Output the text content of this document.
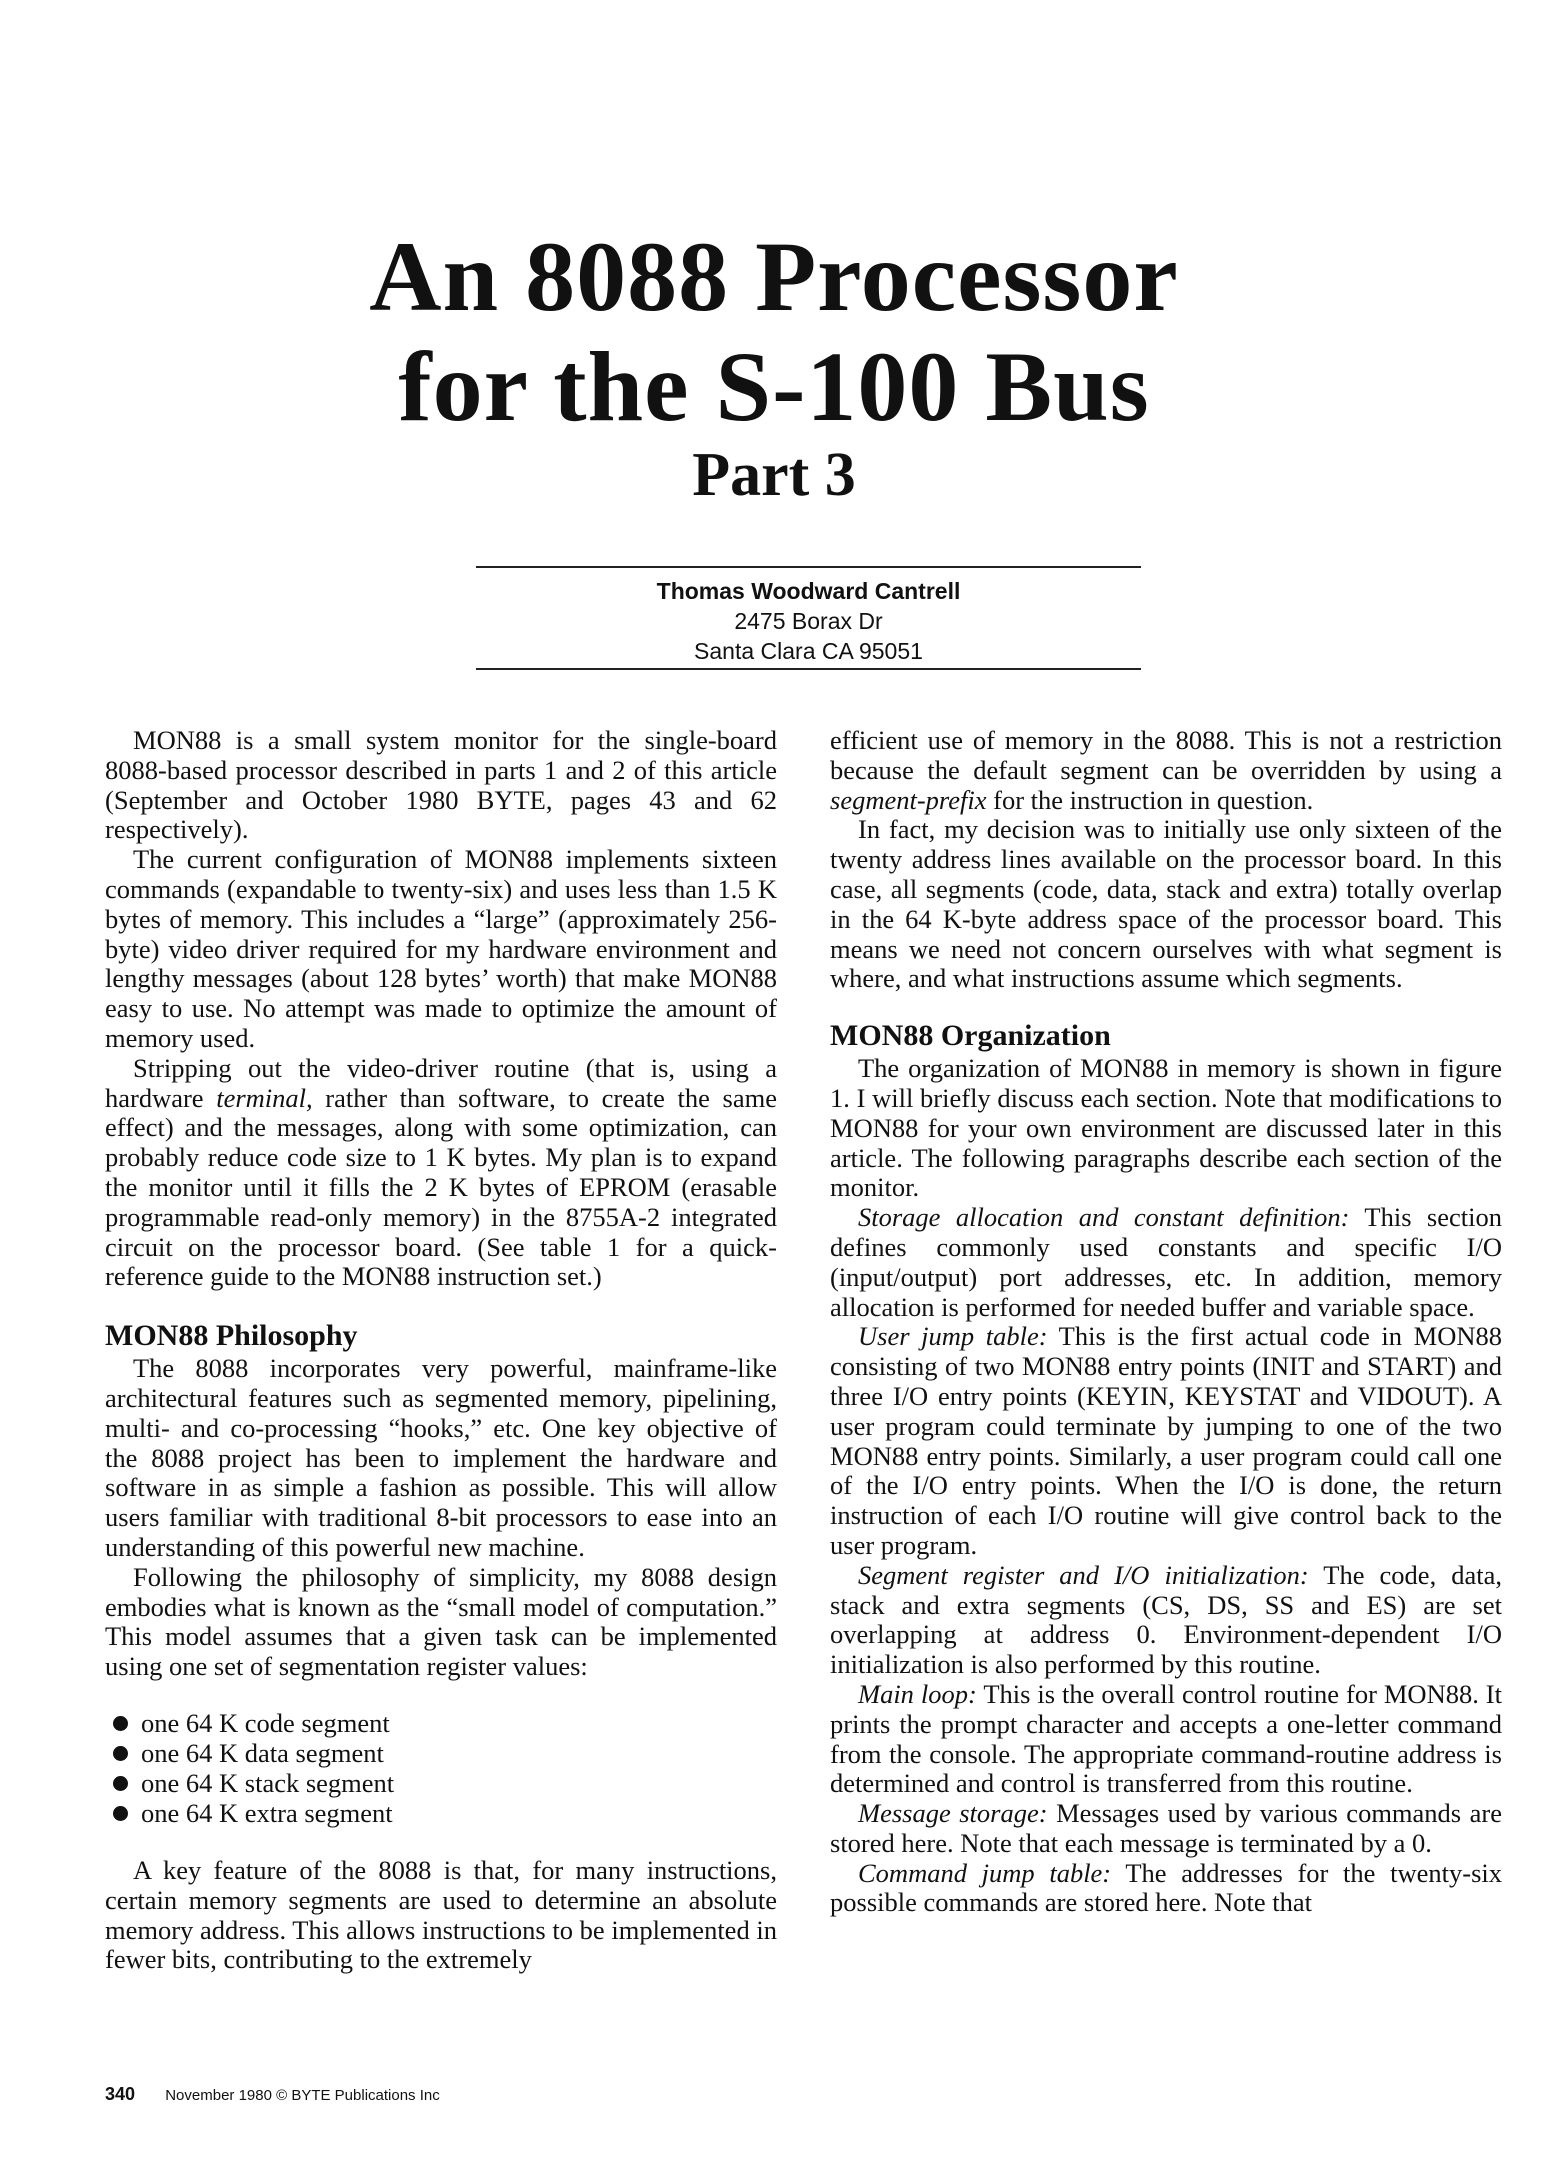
An 8088 Processor
for the S-100 Bus
Part 3
Thomas Woodward Cantrell
2475 Borax Dr
Santa Clara CA 95051

MON88 is a small system monitor for the single-board 8088-based processor described in parts 1 and 2 of this article (September and October 1980 BYTE, pages 43 and 62 respectively).

The current configuration of MON88 implements sixteen commands (expandable to twenty-six) and uses less than 1.5 K bytes of memory. This includes a “large” (approximately 256-byte) video driver required for my hardware environment and lengthy messages (about 128 bytes’ worth) that make MON88 easy to use. No attempt was made to optimize the amount of memory used.

Stripping out the video-driver routine (that is, using a hardware terminal, rather than software, to create the same effect) and the messages, along with some optimization, can probably reduce code size to 1 K bytes. My plan is to expand the monitor until it fills the 2 K bytes of EPROM (erasable programmable read-only memory) in the 8755A-2 integrated circuit on the processor board. (See table 1 for a quick-reference guide to the MON88 instruction set.)

MON88 Philosophy

The 8088 incorporates very powerful, mainframe-like architectural features such as segmented memory, pipelining, multi- and co-processing “hooks,” etc. One key objective of the 8088 project has been to implement the hardware and software in as simple a fashion as possible. This will allow users familiar with traditional 8-bit processors to ease into an understanding of this powerful new machine.

Following the philosophy of simplicity, my 8088 design embodies what is known as the “small model of computation.” This model assumes that a given task can be implemented using one set of segmentation register values:

one 64 K code segment
one 64 K data segment
one 64 K stack segment
one 64 K extra segment

A key feature of the 8088 is that, for many instructions, certain memory segments are used to determine an absolute memory address. This allows instructions to be implemented in fewer bits, contributing to the extremely

efficient use of memory in the 8088. This is not a restriction because the default segment can be overridden by using a segment-prefix for the instruction in question.

In fact, my decision was to initially use only sixteen of the twenty address lines available on the processor board. In this case, all segments (code, data, stack and extra) totally overlap in the 64 K-byte address space of the processor board. This means we need not concern ourselves with what segment is where, and what instructions assume which segments.

MON88 Organization

The organization of MON88 in memory is shown in figure 1. I will briefly discuss each section. Note that modifications to MON88 for your own environment are discussed later in this article. The following paragraphs describe each section of the monitor.

Storage allocation and constant definition: This section defines commonly used constants and specific I/O (input/output) port addresses, etc. In addition, memory allocation is performed for needed buffer and variable space.

User jump table: This is the first actual code in MON88 consisting of two MON88 entry points (INIT and START) and three I/O entry points (KEYIN, KEYSTAT and VIDOUT). A user program could terminate by jumping to one of the two MON88 entry points. Similarly, a user program could call one of the I/O entry points. When the I/O is done, the return instruction of each I/O routine will give control back to the user program.

Segment register and I/O initialization: The code, data, stack and extra segments (CS, DS, SS and ES) are set overlapping at address 0. Environment-dependent I/O initialization is also performed by this routine.

Main loop: This is the overall control routine for MON88. It prints the prompt character and accepts a one-letter command from the console. The appropriate command-routine address is determined and control is transferred from this routine.

Message storage: Messages used by various commands are stored here. Note that each message is terminated by a 0.

Command jump table: The addresses for the twenty-six possible commands are stored here. Note that

340 November 1980 © BYTE Publications Inc
